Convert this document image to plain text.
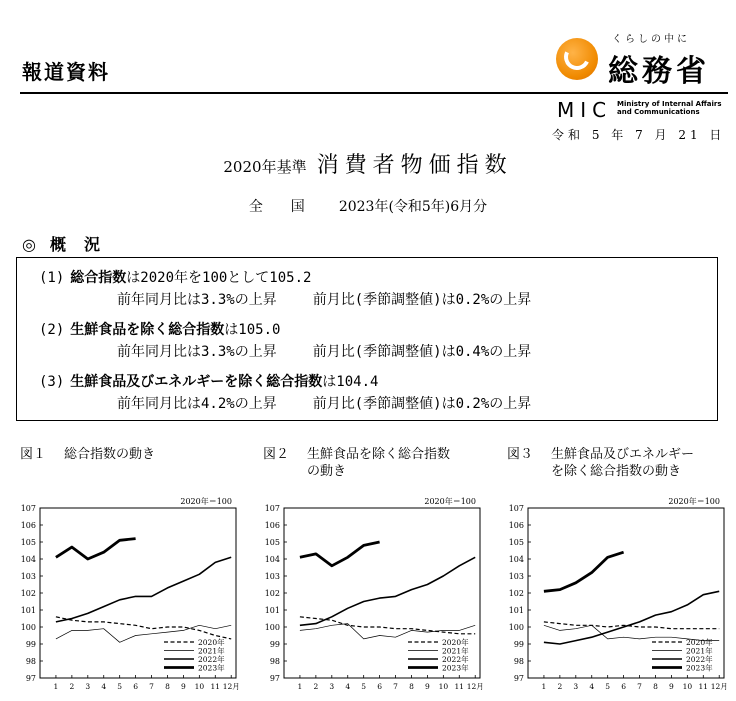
報道資料
くらしの中に
総務省
MIC Ministry of Internal Affairs and Communications
令和 5 年 7 月 21 日
2020年基準 消費者物価指数
全国 2023年(令和5年)6月分
◎ 概況
(1) 総合指数は2020年を100として105.2
前年同月比は3.3%の上昇	前月比(季節調整値)は0.2%の上昇
(2) 生鮮食品を除く総合指数は105.0
前年同月比は3.3%の上昇	前月比(季節調整値)は0.4%の上昇
(3) 生鮮食品及びエネルギーを除く総合指数は104.4
前年同月比は4.2%の上昇	前月比(季節調整値)は0.2%の上昇
図１ 総合指数の動き	図２ 生鮮食品を除く総合指数
の動き
図３ 生鮮食品及びエネルギー
を除く総合指数の動き
2020年＝100
97
98
99
100
101
102
103
104
105
106
107
1 2 3 4 5 6 7 8 9 10 11 12月
2020年
2021年
2022年
2023年
2020年＝100
97
98
99
100
101
102
103
104
105
106
107
1 2 3 4 5 6 7 8 9 10 11 12月
2020年
2021年
2022年
2023年
2020年＝100
97
98
99
100
101
102
103
104
105
106
107
1 2 3 4 5 6 7 8 9 10 11 12月
2020年
2021年
2022年
2023年
